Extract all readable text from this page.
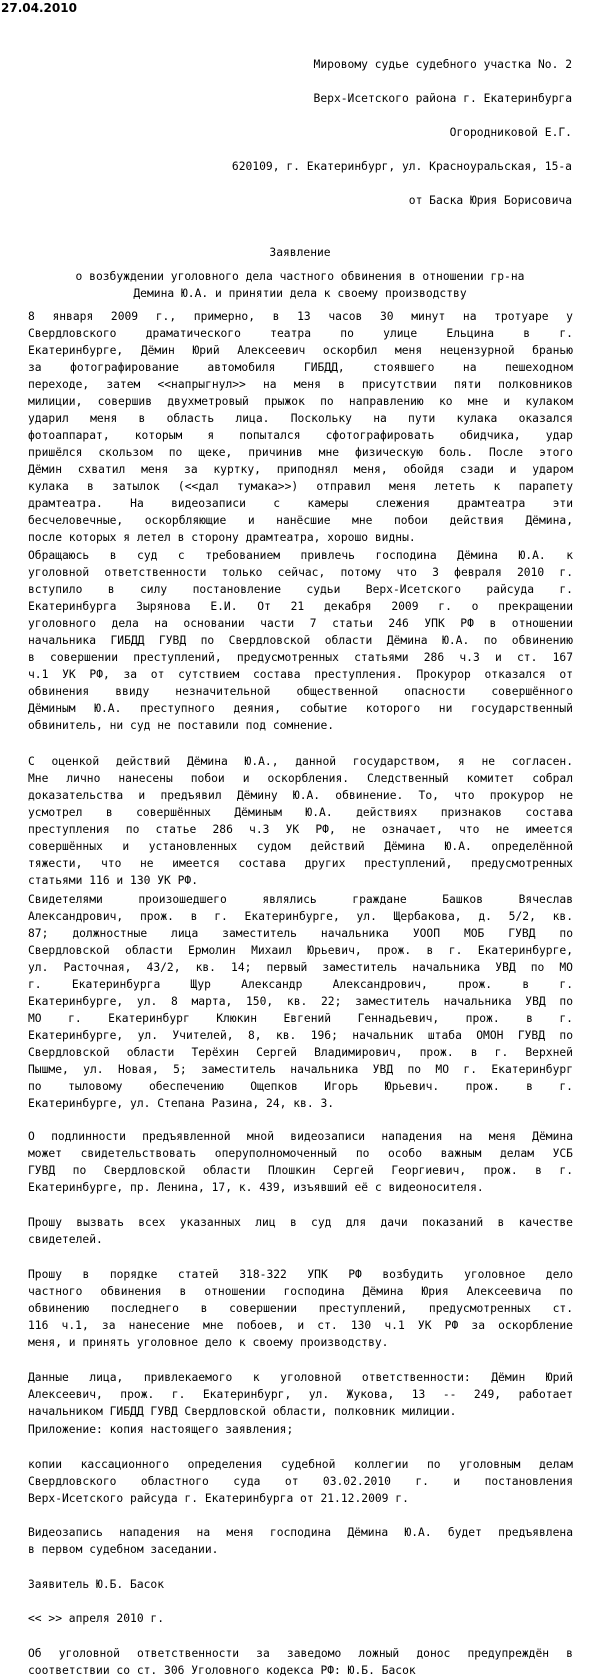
27.04.2010
Мировому судье судебного участка No. 2
Верх-Исетского района г. Екатеринбурга
Огородниковой Е.Г.
620109, г. Екатеринбург, ул. Красноуральская, 15-а
от Баска Юрия Борисовича
Заявление
о возбуждении уголовного дела частного обвинения в отношении гр-на
Демина Ю.А. и принятии дела к своему производству
8 января 2009 г., примерно, в 13 часов 30 минут на тротуаре у
Свердловского драматического театра по улице Ельцина в г.
Екатеринбурге, Дёмин Юрий Алексеевич оскорбил меня нецензурной бранью
за фотографирование автомобиля ГИБДД, стоявшего на пешеходном
переходе, затем <<напрыгнул>> на меня в присутствии пяти полковников
милиции, совершив двухметровый прыжок по направлению ко мне и кулаком
ударил меня в область лица. Поскольку на пути кулака оказался
фотоаппарат, которым я попытался сфотографировать обидчика, удар
пришёлся скользом по щеке, причинив мне физическую боль. После этого
Дёмин схватил меня за куртку, приподнял меня, обойдя сзади и ударом
кулака в затылок (<<дал тумака>>) отправил меня лететь к парапету
драмтеатра. На видеозаписи с камеры слежения драмтеатра эти
бесчеловечные, оскорбляющие и нанёсшие мне побои действия Дёмина,
после которых я летел в сторону драмтеатра, хорошо видны.
Обращаюсь в суд с требованием привлечь господина Дёмина Ю.А. к
уголовной ответственности только сейчас, потому что 3 февраля 2010 г.
вступило в силу постановление судьи Верх-Исетского райсуда г.
Екатеринбурга Зырянова Е.И. От 21 декабря 2009 г. о прекращении
уголовного дела на основании части 7 статьи 246 УПК РФ в отношении
начальника ГИБДД ГУВД по Свердловской области Дёмина Ю.А. по обвинению
в совершении преступлений, предусмотренных статьями 286 ч.3 и ст. 167
ч.1 УК РФ, за от сутствием состава преступления. Прокурор отказался от
обвинения ввиду незначительной общественной опасности совершённого
Дёминым Ю.А. преступного деяния, событие которого ни государственный
обвинитель, ни суд не поставили под сомнение.
С оценкой действий Дёмина Ю.А., данной государством, я не согласен.
Мне лично нанесены побои и оскорбления. Следственный комитет собрал
доказательства и предъявил Дёмину Ю.А. обвинение. То, что прокурор не
усмотрел в совершённых Дёминым Ю.А. действиях признаков состава
преступления по статье 286 ч.3 УК РФ, не означает, что не имеется
совершённых и установленных судом действий Дёмина Ю.А. определённой
тяжести, что не имеется состава других преступлений, предусмотренных
статьями 116 и 130 УК РФ.
Свидетелями произошедшего являлись граждане Башков Вячеслав
Александрович, прож. в г. Екатеринбурге, ул. Щербакова, д. 5/2, кв.
87; должностные лица заместитель начальника УООП МОБ ГУВД по
Свердловской области Ермолин Михаил Юрьевич, прож. в г. Екатеринбурге,
ул. Расточная, 43/2, кв. 14; первый заместитель начальника УВД по МО
г. Екатеринбурга Щур Александр Александрович, прож. в г.
Екатеринбурге, ул. 8 марта, 150, кв. 22; заместитель начальника УВД по
МО г. Екатеринбург Клюкин Евгений Геннадьевич, прож. в г.
Екатеринбурге, ул. Учителей, 8, кв. 196; начальник штаба ОМОН ГУВД по
Свердловской области Терёхин Сергей Владимирович, прож. в г. Верхней
Пышме, ул. Новая, 5; заместитель начальника УВД по МО г. Екатеринбург
по тыловому обеспечению Ощепков Игорь Юрьевич. прож. в г.
Екатеринбурге, ул. Степана Разина, 24, кв. 3.
О подлинности предъявленной мной видеозаписи нападения на меня Дёмина
может свидетельствовать оперуполномоченный по особо важным делам УСБ
ГУВД по Свердловской области Плошкин Сергей Георгиевич, прож. в г.
Екатеринбурге, пр. Ленина, 17, к. 439, изъявший её с видеоносителя.
Прошу вызвать всех указанных лиц в суд для дачи показаний в качестве
свидетелей.
Прошу в порядке статей 318-322 УПК РФ возбудить уголовное дело
частного обвинения в отношении господина Дёмина Юрия Алексеевича по
обвинению последнего в совершении преступлений, предусмотренных ст.
116 ч.1, за нанесение мне побоев, и ст. 130 ч.1 УК РФ за оскорбление
меня, и принять уголовное дело к своему производству.
Данные лица, привлекаемого к уголовной ответственности: Дёмин Юрий
Алексеевич, прож. г. Екатеринбург, ул. Жукова, 13 -- 249, работает
начальником ГИБДД ГУВД Свердловской области, полковник милиции.
Приложение: копия настоящего заявления;
копии кассационного определения судебной коллегии по уголовным делам
Свердловского областного суда от 03.02.2010 г. и постановления
Верх-Исетского райсуда г. Екатеринбурга от 21.12.2009 г.
Видеозапись нападения на меня господина Дёмина Ю.А. будет предъявлена
в первом судебном заседании.
Заявитель Ю.Б. Басок
<< >> апреля 2010 г.
Об уголовной ответственности за заведомо ложный донос предупреждён в
соответствии со ст. 306 Уголовного кодекса РФ: Ю.Б. Басок
